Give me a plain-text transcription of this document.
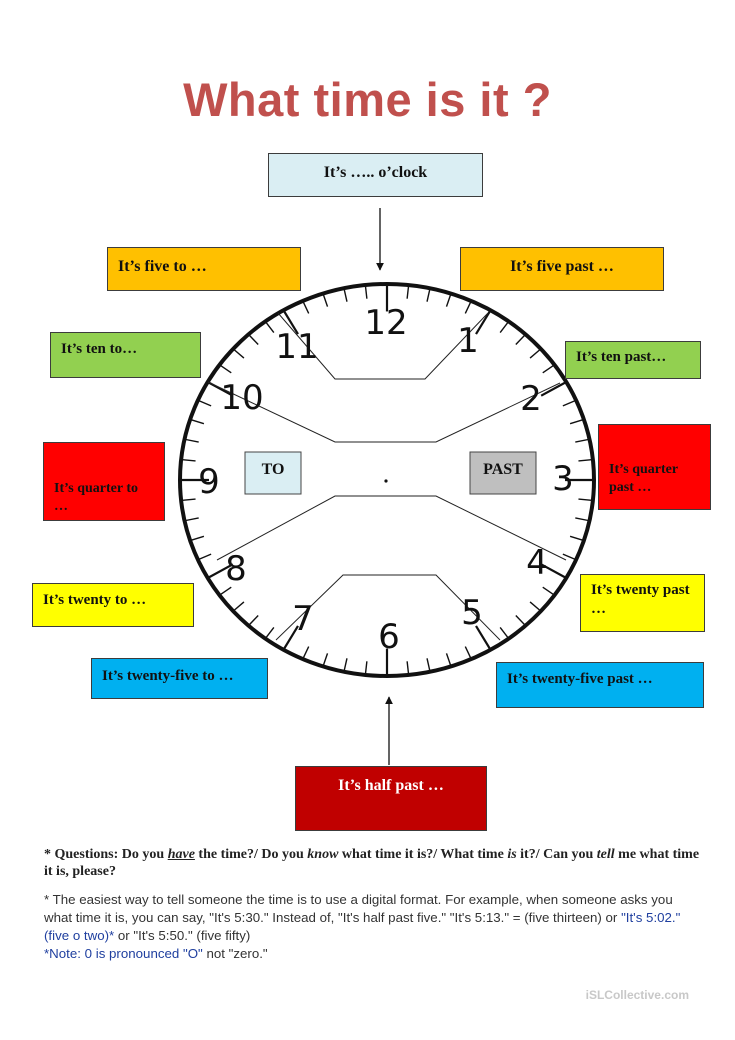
What time is it ?
12 1
2
3
4
5
6
7
8
9
10
11
TO	PAST
It’s ….. o’clock
It’s five to …	It’s five past …
It’s ten to…	It’s ten past…
It’s quarter to …
It’s quarter past …
It’s twenty to …
It’s twenty past …
It’s twenty-five to …	It’s twenty-five past …
It’s half past …
* Questions: Do you have the time?/ Do you know what time it is?/ What time is it?/ Can you tell me what time it is, please?
* The easiest way to tell someone the time is to use a digital format. For example, when someone asks you what time it is, you can say, "It's 5:30." Instead of, "It's half past five." "It's 5:13." = (five thirteen) or "It's 5:02." (five o two)* or "It's 5:50." (five fifty)
*Note: 0 is pronounced "O" not "zero."
iSLCollective.com
